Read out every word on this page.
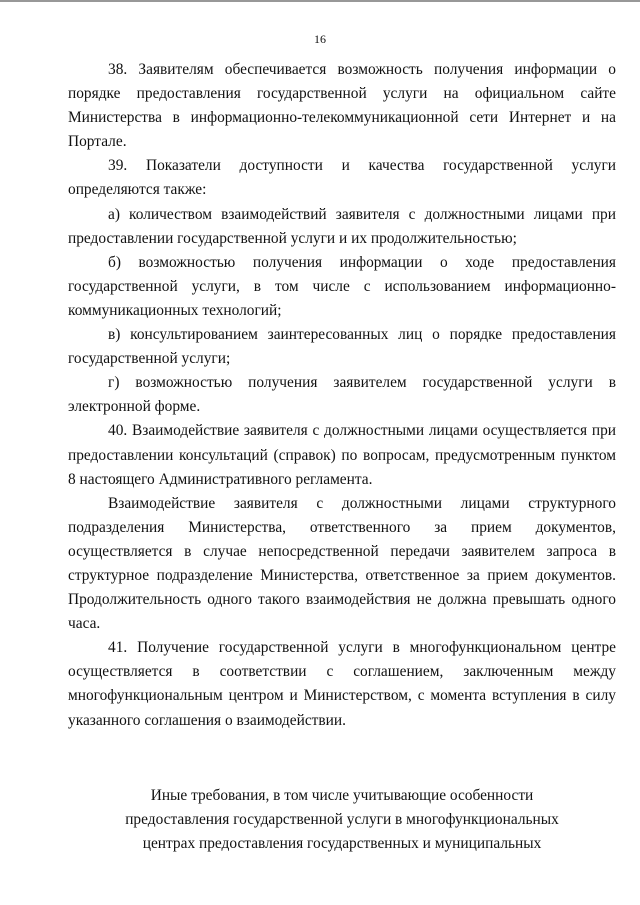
16

38. Заявителям обеспечивается возможность получения информации о порядке предоставления государственной услуги на официальном сайте Министерства в информационно-телекоммуникационной сети Интернет и на Портале.

39. Показатели доступности и качества государственной услуги определяются также:

а) количеством взаимодействий заявителя с должностными лицами при предоставлении государственной услуги и их продолжительностью;

б) возможностью получения информации о ходе предоставления государственной услуги, в том числе с использованием информационно-коммуникационных технологий;

в) консультированием заинтересованных лиц о порядке предоставления государственной услуги;

г) возможностью получения заявителем государственной услуги в электронной форме.

40. Взаимодействие заявителя с должностными лицами осуществляется при предоставлении консультаций (справок) по вопросам, предусмотренным пунктом 8 настоящего Административного регламента.

Взаимодействие заявителя с должностными лицами структурного подразделения Министерства, ответственного за прием документов, осуществляется в случае непосредственной передачи заявителем запроса в структурное подразделение Министерства, ответственное за прием документов. Продолжительность одного такого взаимодействия не должна превышать одного часа.

41. Получение государственной услуги в многофункциональном центре осуществляется в соответствии с соглашением, заключенным между многофункциональным центром и Министерством, с момента вступления в силу указанного соглашения о взаимодействии.

Иные требования, в том числе учитывающие особенности
предоставления государственной услуги в многофункциональных
центрах предоставления государственных и муниципальных
